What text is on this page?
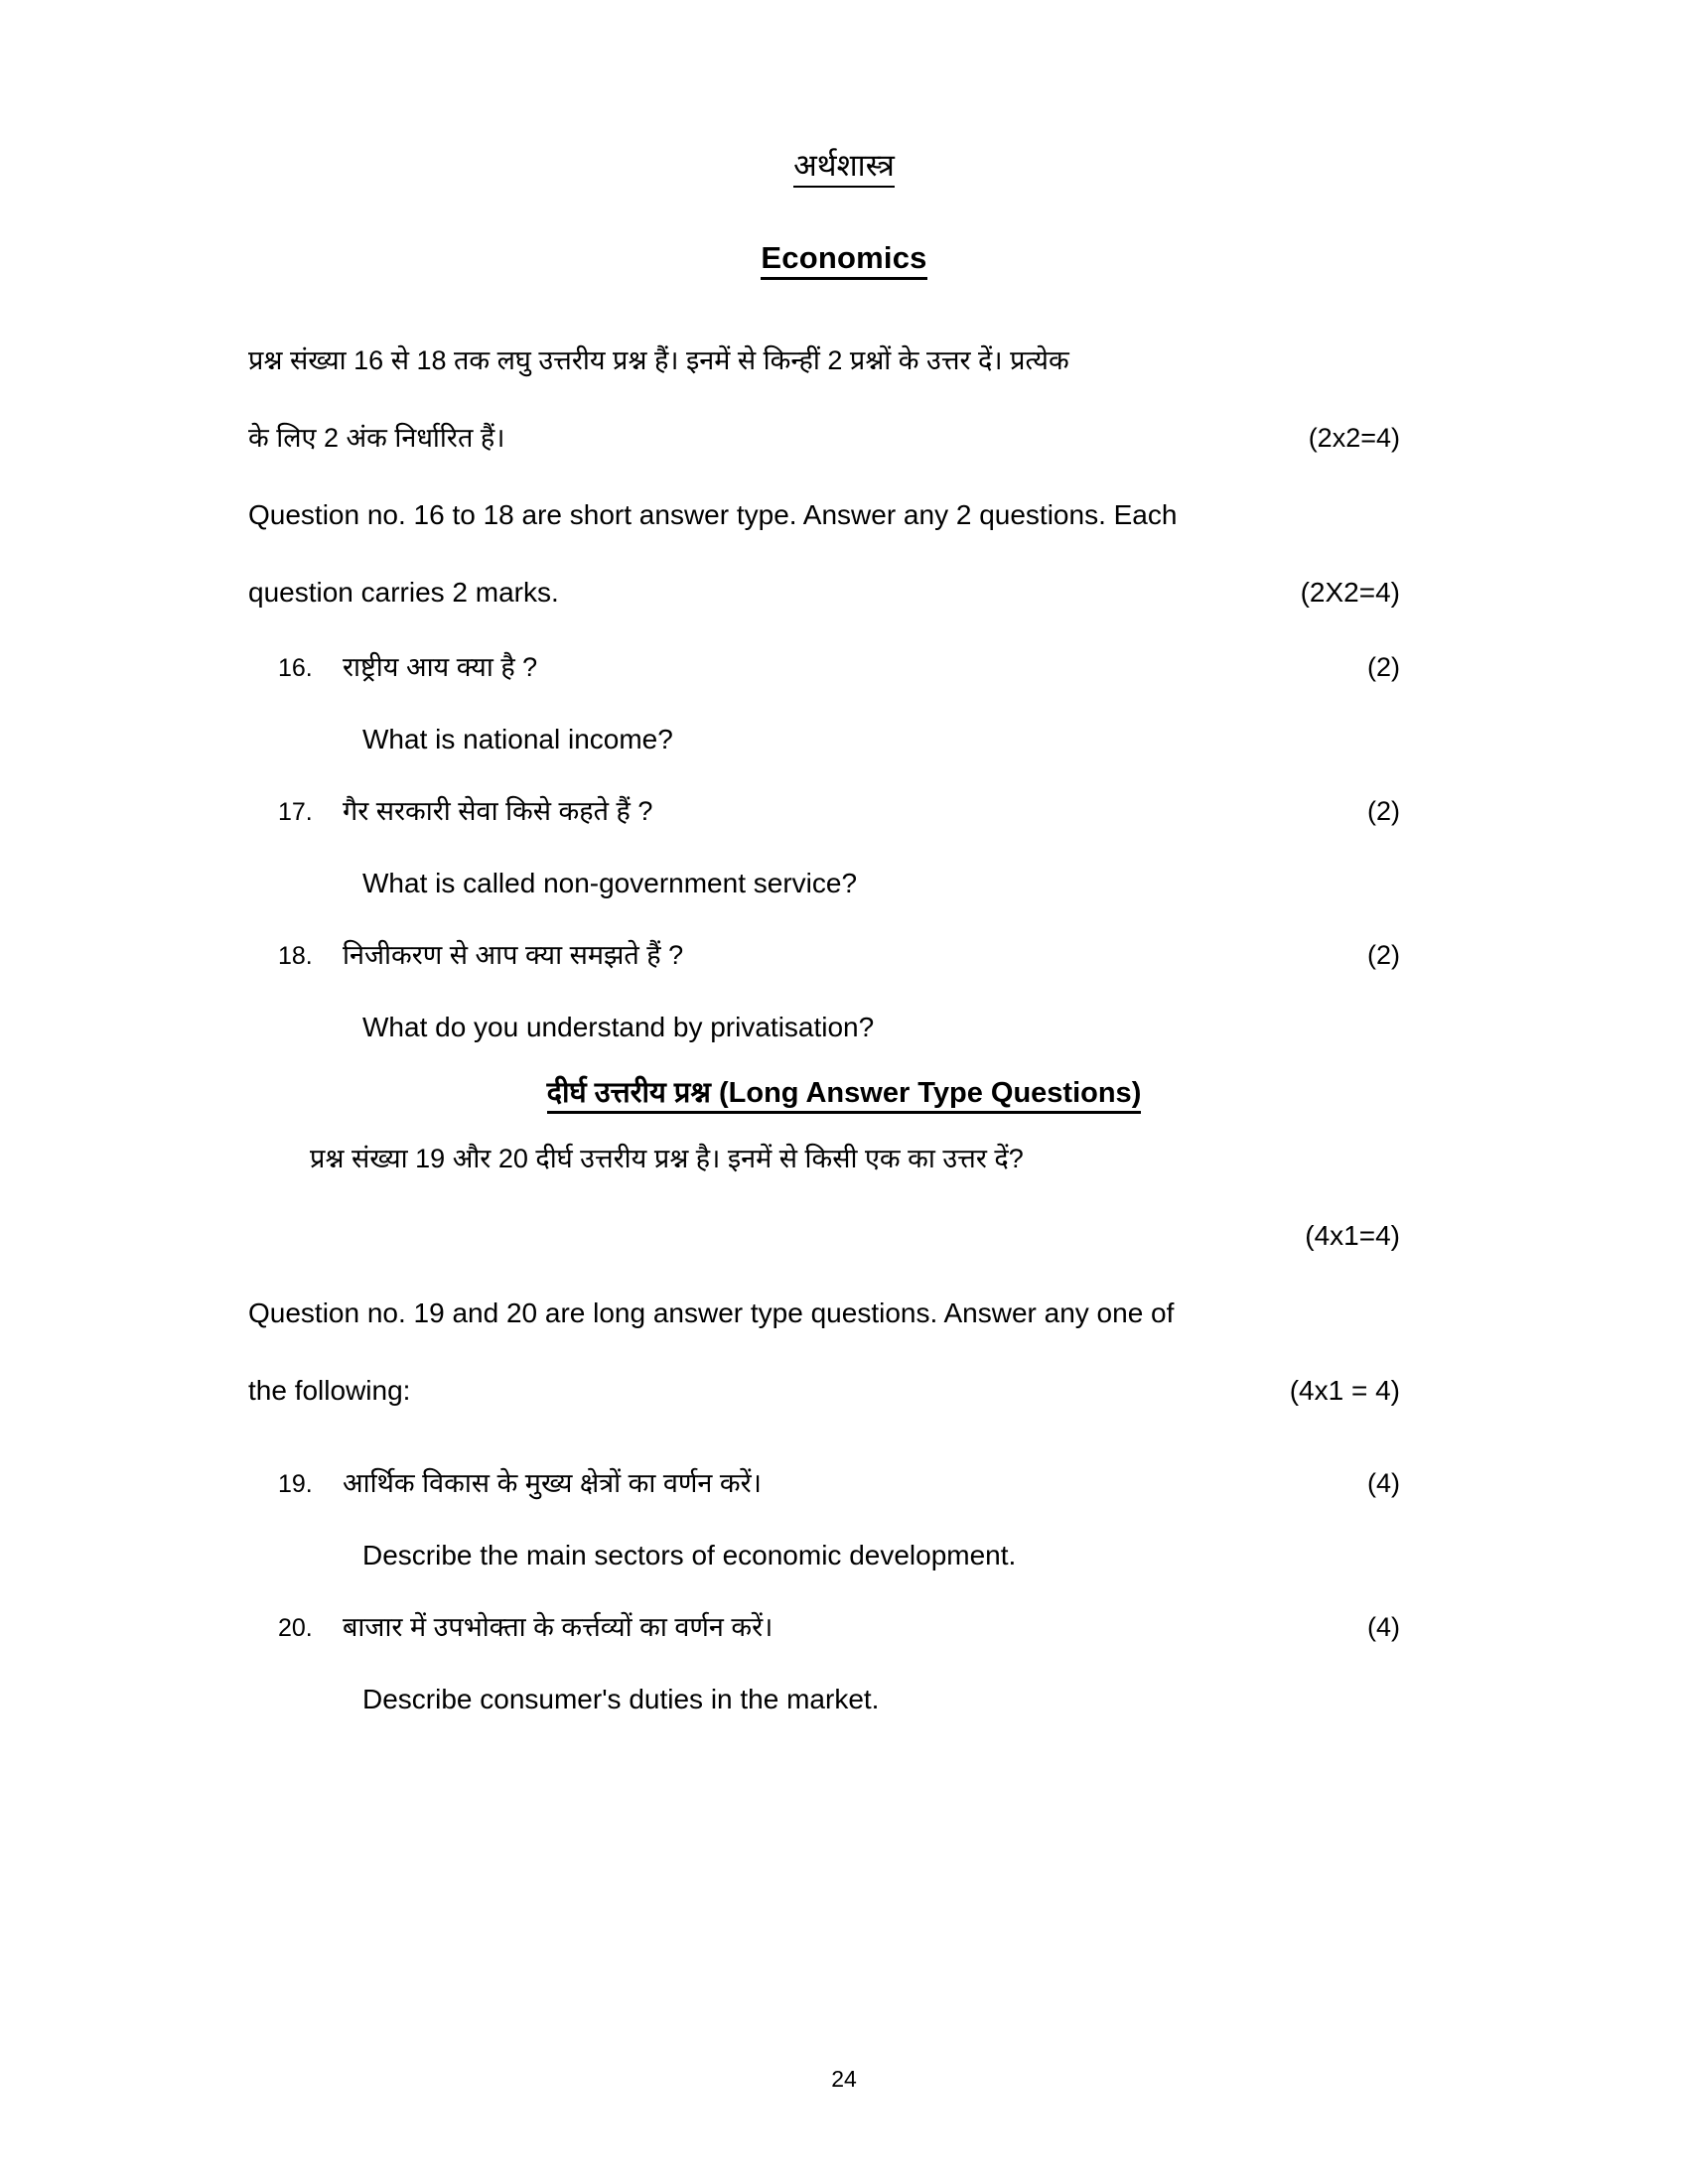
अर्थशास्त्र
Economics
प्रश्न संख्या 16 से 18 तक लघु उत्तरीय प्रश्न हैं। इनमें से किन्हीं 2 प्रश्नों के उत्तर दें। प्रत्येक
के लिए 2 अंक निर्धारित हैं।	(2x2=4)
Question no. 16 to 18 are short answer type. Answer any 2 questions. Each
question carries 2 marks.	(2X2=4)
16.	राष्ट्रीय आय क्या है ?	(2)
What is national income?
17.	गैर सरकारी सेवा किसे कहते हैं ?	(2)
What is called non-government service?
18.	निजीकरण से आप क्या समझते हैं ?	(2)
What do you understand by privatisation?
दीर्घ उत्तरीय प्रश्न (Long Answer Type Questions)
प्रश्न संख्या 19 और 20 दीर्घ उत्तरीय प्रश्न है। इनमें से किसी एक का उत्तर दें?
(4x1=4)
Question no. 19 and 20 are long answer type questions. Answer any one of
the following:	(4x1 = 4)
19.	आर्थिक विकास के मुख्य क्षेत्रों का वर्णन करें।	(4)
Describe the main sectors of economic development.
20.	बाजार में उपभोक्ता के कर्त्तव्यों का वर्णन करें।	(4)
Describe consumer's duties in the market.
24
